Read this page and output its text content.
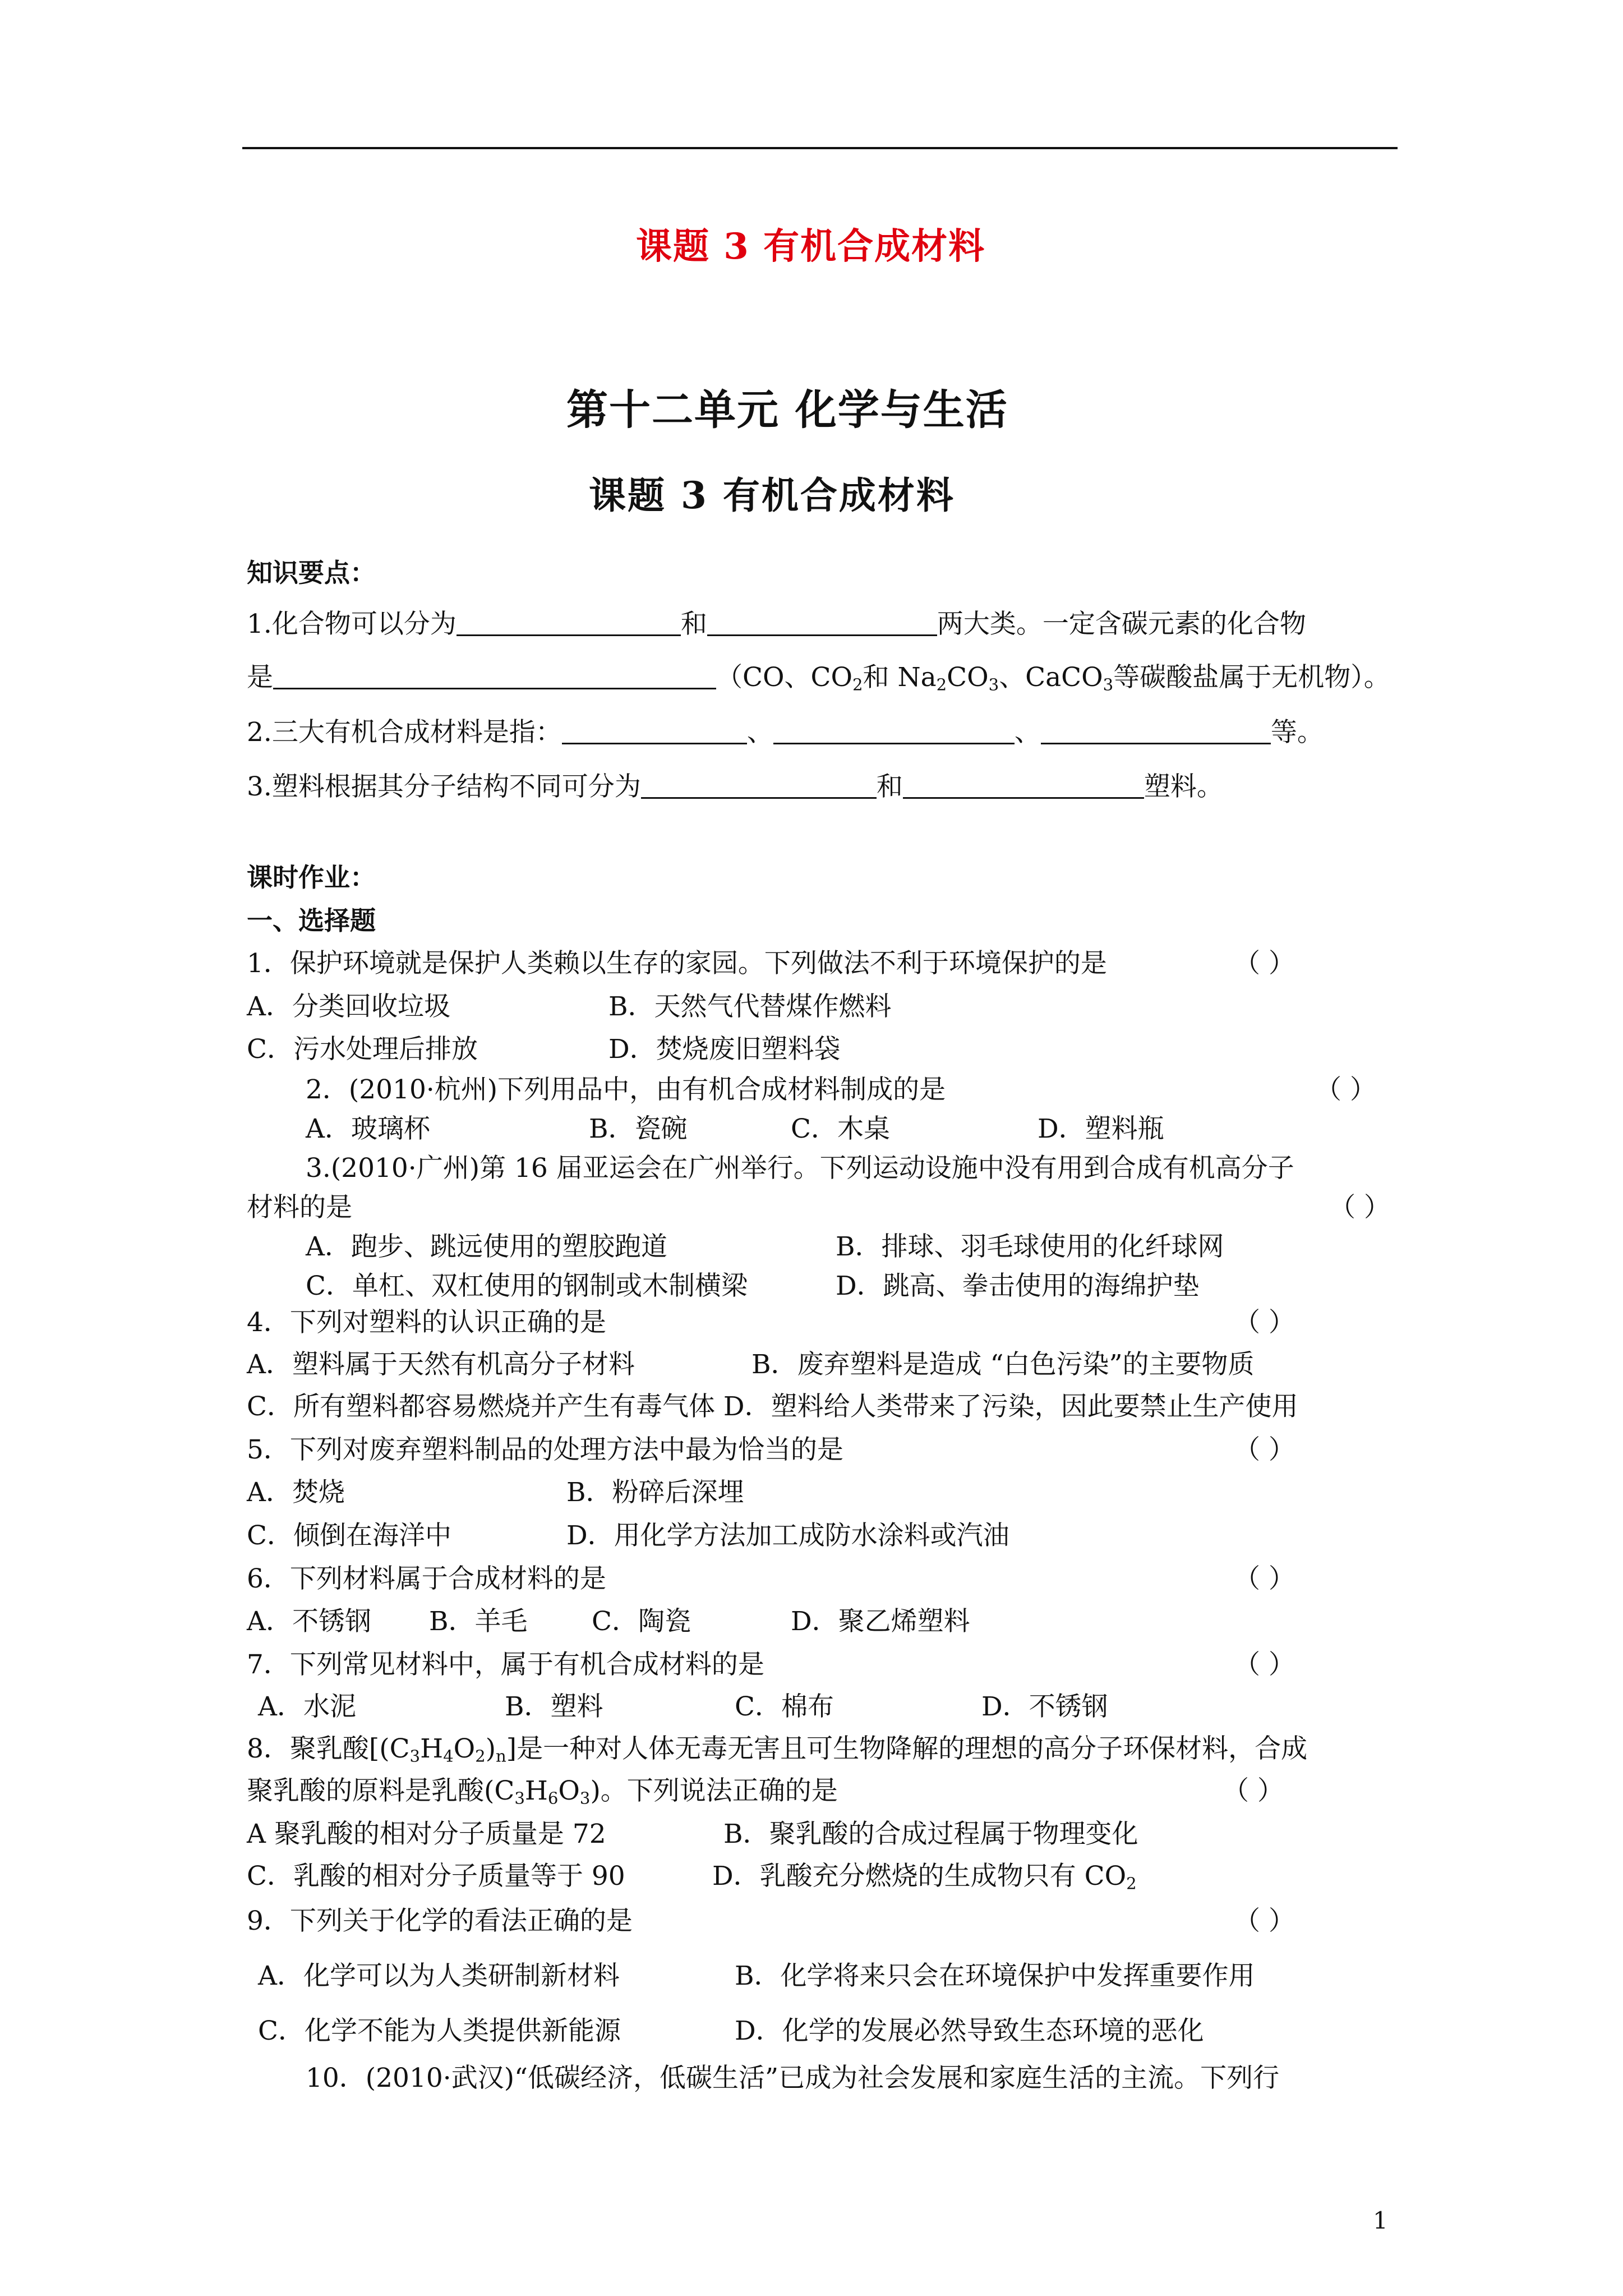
课题 3 有机合成材料
第十二单元 化学与生活
课题 3 有机合成材料
知识要点：
1.化合物可以分为	和	两大类。一定含碳元素的化合物
是	（CO、$CO_2$和 $Na_2CO_3$、CaCO$_3$等碳酸盐属于无机物）。
2.三大有机合成材料是指：	、	、	等。
3.塑料根据其分子结构不同可分为	和	塑料。
课时作业：
一、选择题
1．保护环境就是保护人类赖以生存的家园。下列做法不利于环境保护的是	（ ）
A．分类回收垃圾	B．天然气代替煤作燃料
C．污水处理后排放	D．焚烧废旧塑料袋
2．(2010·杭州)下列用品中，由有机合成材料制成的是	（ ）
A．玻璃杯	B．瓷碗	C．木桌	D．塑料瓶
3.(2010·广州)第 16 届亚运会在广州举行。下列运动设施中没有用到合成有机高分子
材料的是	（ ）
A．跑步、跳远使用的塑胶跑道	B．排球、羽毛球使用的化纤球网
C．单杠、双杠使用的钢制或木制横梁	D．跳高、拳击使用的海绵护垫
4．下列对塑料的认识正确的是	（ ）
A．塑料属于天然有机高分子材料	B．废弃塑料是造成 “白色污染”的主要物质
C．所有塑料都容易燃烧并产生有毒气体 D．塑料给人类带来了污染，因此要禁止生产使用
5．下列对废弃塑料制品的处理方法中最为恰当的是	（ ）
A．焚烧	B．粉碎后深埋
C．倾倒在海洋中	D．用化学方法加工成防水涂料或汽油
6．下列材料属于合成材料的是	（ ）
A．不锈钢 B．羊毛 C．陶瓷	D．聚乙烯塑料
7．下列常见材料中，属于有机合成材料的是	（ ）
A．水泥	B．塑料	C．棉布	D．不锈钢
8．聚乳酸$[(C_3H_4O_2)_n]$是一种对人体无毒无害且可生物降解的理想的高分子环保材料，合成
聚乳酸的原料是乳酸$(C_3H_6O_3)$。下列说法正确的是	（ ）
A 聚乳酸的相对分子质量是 72	B．聚乳酸的合成过程属于物理变化
C．乳酸的相对分子质量等于 90	D．乳酸充分燃烧的生成物只有 $CO_2$
9．下列关于化学的看法正确的是	（ ）
A．化学可以为人类研制新材料	B．化学将来只会在环境保护中发挥重要作用
C．化学不能为人类提供新能源	D．化学的发展必然导致生态环境的恶化
10．(2010·武汉)“低碳经济，低碳生活”已成为社会发展和家庭生活的主流。下列行
1
